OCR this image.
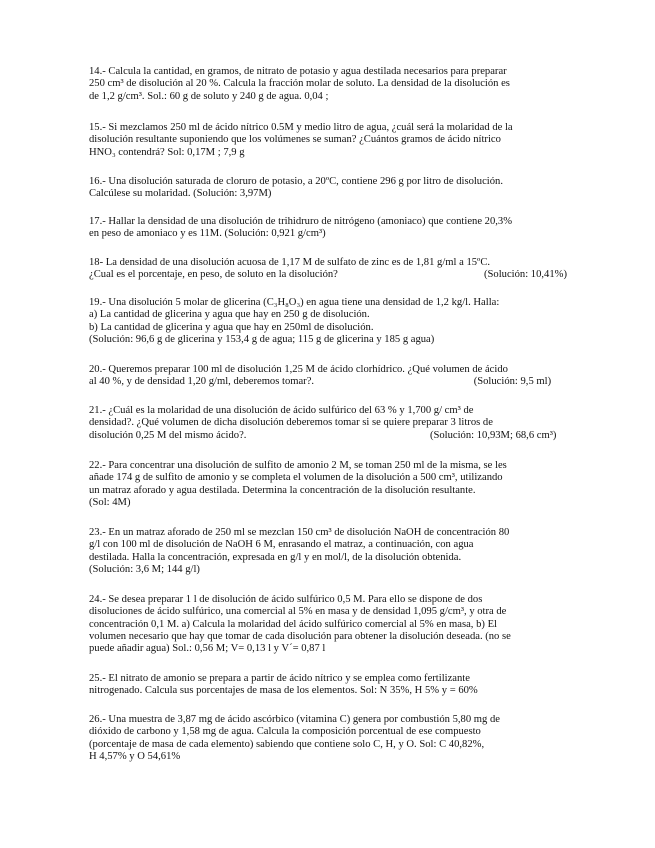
14.- Calcula la cantidad, en gramos, de nitrato de potasio y agua destilada necesarios para preparar
250 cm³ de disolución al 20 %. Calcula la fracción molar de soluto. La densidad de la disolución es
de 1,2 g/cm³. Sol.: 60 g de soluto y 240 g de agua. 0,04 ;
15.- Si mezclamos 250 ml de ácido nítrico 0.5M y medio litro de agua, ¿cuál será la molaridad de la
disolución resultante suponiendo que los volúmenes se suman? ¿Cuántos gramos de ácido nítrico
HNO₃ contendrá? Sol: 0,17M ; 7,9 g
16.- Una disolución saturada de cloruro de potasio, a 20ºC, contiene 296 g por litro de disolución.
Calcúlese su molaridad. (Solución: 3,97M)
17.- Hallar la densidad de una disolución de trihidruro de nitrógeno (amoniaco) que contiene 20,3%
en peso de amoniaco y es 11M. (Solución: 0,921 g/cm³)
18- La densidad de una disolución acuosa de 1,17 M de sulfato de zinc es de 1,81 g/ml a 15ºC.
¿Cual es el porcentaje, en peso, de soluto en la disolución?	(Solución: 10,41%)
19.- Una disolución 5 molar de glicerina (C₃H₈O₃) en agua tiene una densidad de 1,2 kg/l. Halla:
a) La cantidad de glicerina y agua que hay en 250 g de disolución.
b) La cantidad de glicerina y agua que hay en 250ml de disolución.
(Solución: 96,6 g de glicerina y 153,4 g de agua; 115 g de glicerina y 185 g agua)
20.- Queremos preparar 100 ml de disolución 1,25 M de ácido clorhídrico. ¿Qué volumen de ácido
al 40 %, y de densidad 1,20 g/ml, deberemos tomar?.	(Solución: 9,5 ml)
21.- ¿Cuál es la molaridad de una disolución de ácido sulfúrico del 63 % y 1,700 g/ cm³ de
densidad?. ¿Qué volumen de dicha disolución deberemos tomar si se quiere preparar 3 litros de
disolución 0,25 M del mismo ácido?.	(Solución: 10,93M; 68,6 cm³)
22.- Para concentrar una disolución de sulfito de amonio 2 M, se toman 250 ml de la misma, se les
añade 174 g de sulfito de amonio y se completa el volumen de la disolución a 500 cm³, utilizando
un matraz aforado y agua destilada. Determina la concentración de la disolución resultante.
(Sol: 4M)
23.- En un matraz aforado de 250 ml se mezclan 150 cm³ de disolución NaOH de concentración 80
g/l con 100 ml de disolución de NaOH 6 M, enrasando el matraz, a continuación, con agua
destilada. Halla la concentración, expresada en g/l y en mol/l, de la disolución obtenida.
(Solución: 3,6 M; 144 g/l)
24.- Se desea preparar 1 l de disolución de ácido sulfúrico 0,5 M. Para ello se dispone de dos
disoluciones de ácido sulfúrico, una comercial al 5% en masa y de densidad 1,095 g/cm³, y otra de
concentración 0,1 M. a) Calcula la molaridad del ácido sulfúrico comercial al 5% en masa, b) El
volumen necesario que hay que tomar de cada disolución para obtener la disolución deseada. (no se
puede añadir agua) Sol.: 0,56 M; V= 0,13 l y V´= 0,87 l
25.- El nitrato de amonio se prepara a partir de ácido nítrico y se emplea como fertilizante
nitrogenado. Calcula sus porcentajes de masa de los elementos. Sol: N 35%, H 5% y = 60%
26.- Una muestra de 3,87 mg de ácido ascórbico (vitamina C) genera por combustión 5,80 mg de
dióxido de carbono y 1,58 mg de agua. Calcula la composición porcentual de ese compuesto
(porcentaje de masa de cada elemento) sabiendo que contiene solo C, H, y O. Sol: C 40,82%,
H 4,57% y O 54,61%
